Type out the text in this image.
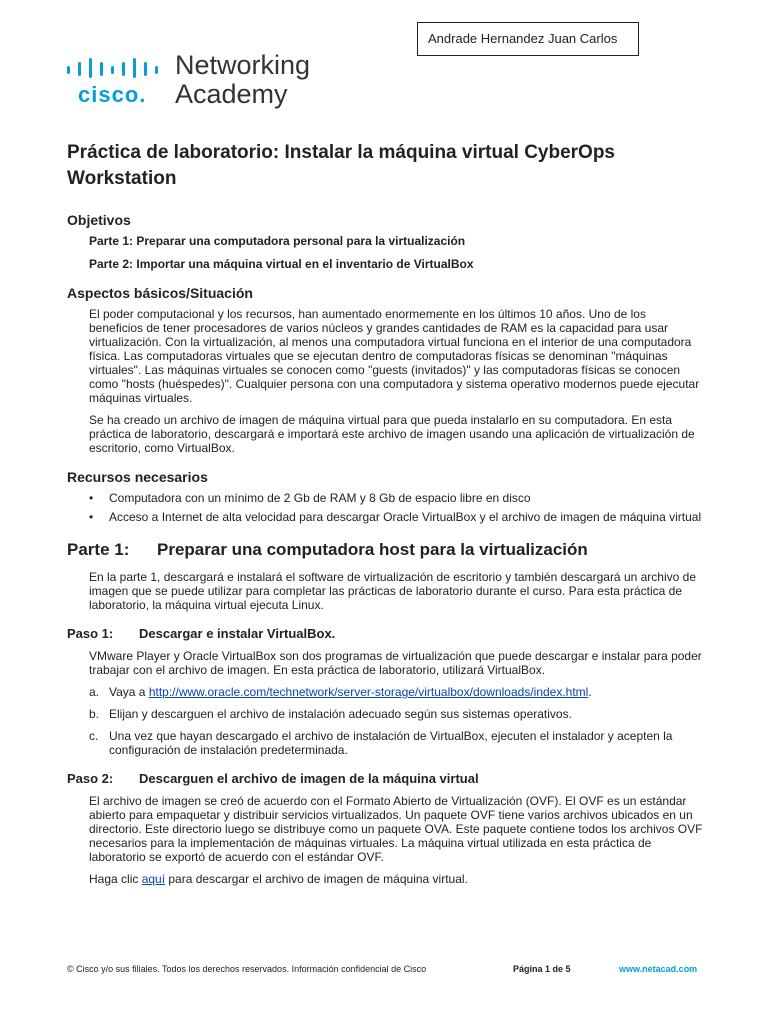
Andrade Hernandez Juan Carlos
cisco.
Networking
Academy
Práctica de laboratorio: Instalar la máquina virtual CyberOps Workstation
Objetivos
Parte 1: Preparar una computadora personal para la virtualización
Parte 2: Importar una máquina virtual en el inventario de VirtualBox
Aspectos básicos/Situación

El poder computacional y los recursos, han aumentado enormemente en los últimos 10 años. Uno de los beneficios de tener procesadores de varios núcleos y grandes cantidades de RAM es la capacidad para usar virtualización. Con la virtualización, al menos una computadora virtual funciona en el interior de una computadora física. Las computadoras virtuales que se ejecutan dentro de computadoras físicas se denominan "máquinas virtuales". Las máquinas virtuales se conocen como "guests (invitados)" y las computadoras físicas se conocen como "hosts (huéspedes)". Cualquier persona con una computadora y sistema operativo modernos puede ejecutar máquinas virtuales.

Se ha creado un archivo de imagen de máquina virtual para que pueda instalarlo en su computadora. En esta práctica de laboratorio, descargará e importará este archivo de imagen usando una aplicación de virtualización de escritorio, como VirtualBox.

Recursos necesarios
• Computadora con un mínimo de 2 Gb de RAM y 8 Gb de espacio libre en disco
• Acceso a Internet de alta velocidad para descargar Oracle VirtualBox y el archivo de imagen de máquina virtual
Parte 1:	Preparar una computadora host para la virtualización

En la parte 1, descargará e instalará el software de virtualización de escritorio y también descargará un archivo de imagen que se puede utilizar para completar las prácticas de laboratorio durante el curso. Para esta práctica de laboratorio, la máquina virtual ejecuta Linux.

Paso 1:	Descargar e instalar VirtualBox.

VMware Player y Oracle VirtualBox son dos programas de virtualización que puede descargar e instalar para poder trabajar con el archivo de imagen. En esta práctica de laboratorio, utilizará VirtualBox.

a. Vaya a http://www.oracle.com/technetwork/server-storage/virtualbox/downloads/index.html.
b. Elijan y descarguen el archivo de instalación adecuado según sus sistemas operativos.
c. Una vez que hayan descargado el archivo de instalación de VirtualBox, ejecuten el instalador y acepten la configuración de instalación predeterminada.
Paso 2:	Descarguen el archivo de imagen de la máquina virtual

El archivo de imagen se creó de acuerdo con el Formato Abierto de Virtualización (OVF). El OVF es un estándar abierto para empaquetar y distribuir servicios virtualizados. Un paquete OVF tiene varios archivos ubicados en un directorio. Este directorio luego se distribuye como un paquete OVA. Este paquete contiene todos los archivos OVF necesarios para la implementación de máquinas virtuales. La máquina virtual utilizada en esta práctica de laboratorio se exportó de acuerdo con el estándar OVF.

Haga clic aquí para descargar el archivo de imagen de máquina virtual.

© Cisco y/o sus filiales. Todos los derechos reservados. Información confidencial de Cisco	Página 1 de 5	www.netacad.com
